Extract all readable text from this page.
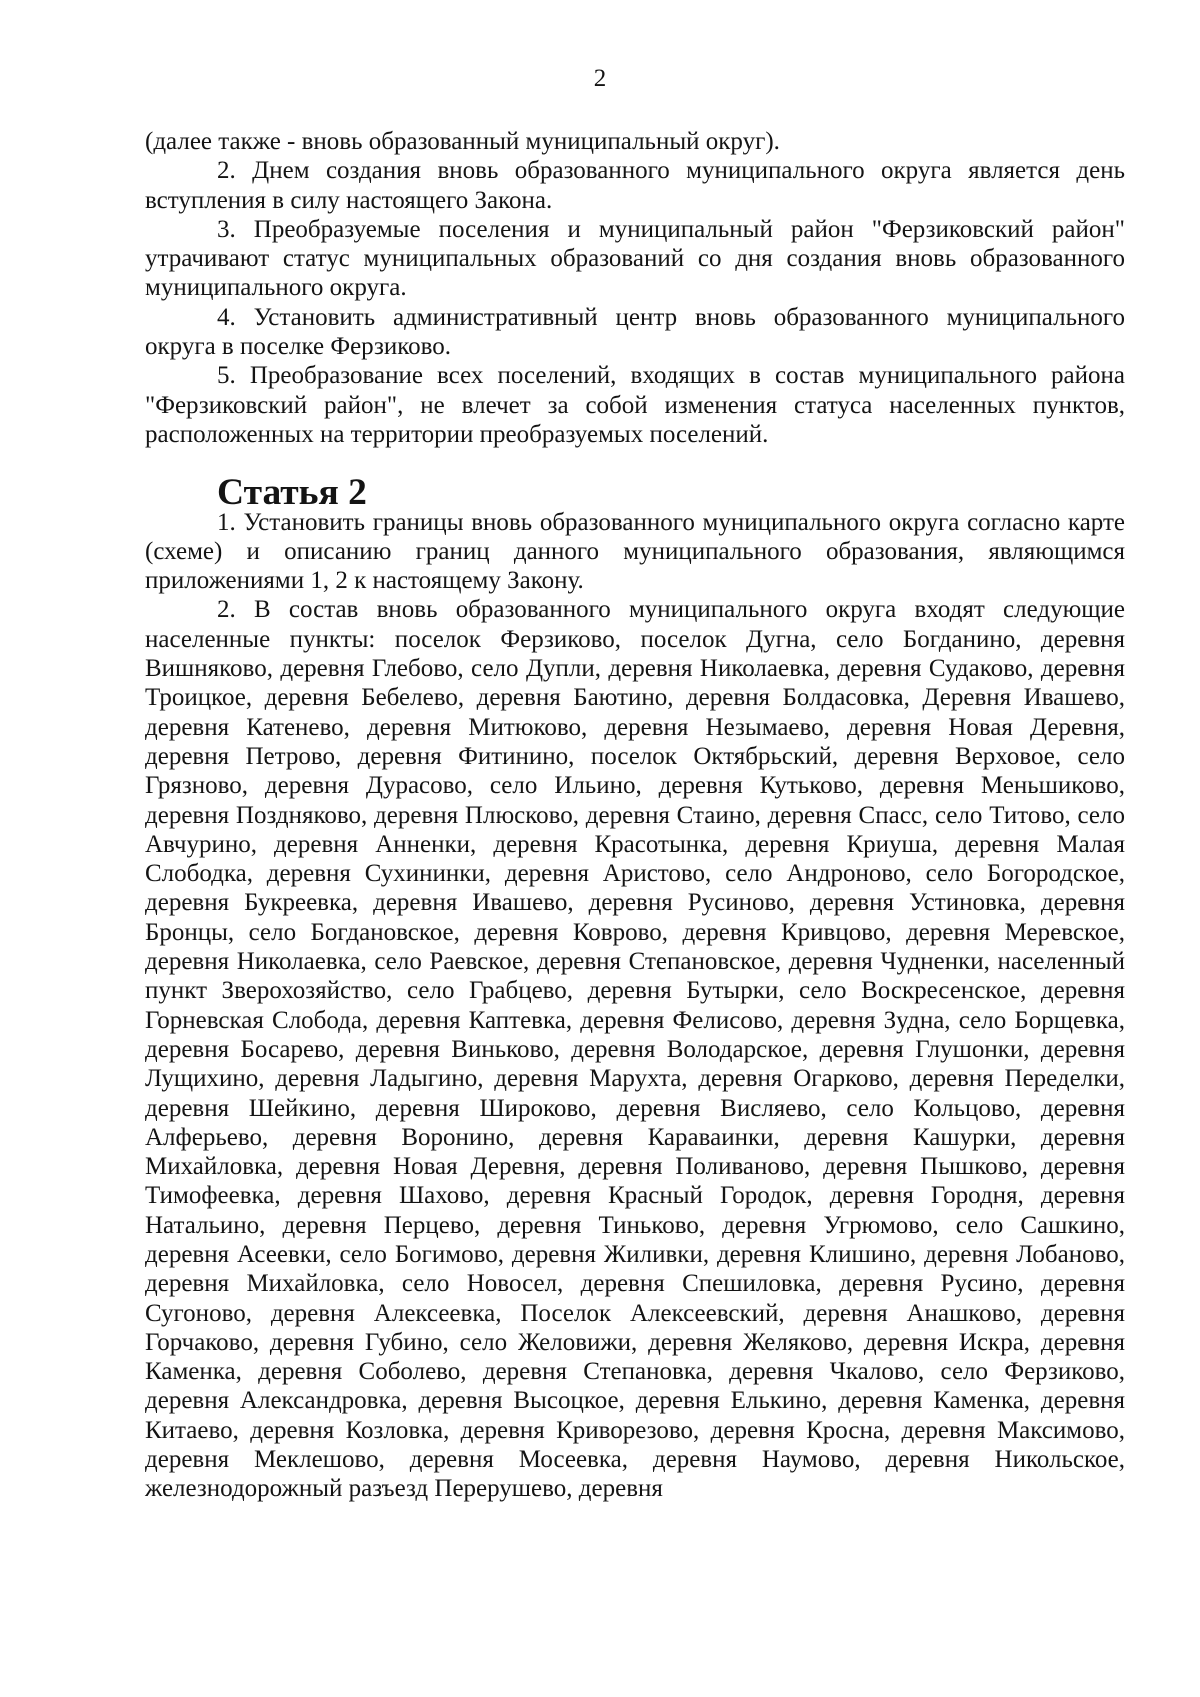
2

(далее также - вновь образованный муниципальный округ).

2. Днем создания вновь образованного муниципального округа является день вступления в силу настоящего Закона.

3. Преобразуемые поселения и муниципальный район "Ферзиковский район" утрачивают статус муниципальных образований со дня создания вновь образованного муниципального округа.

4. Установить административный центр вновь образованного муниципального округа в поселке Ферзиково.

5. Преобразование всех поселений, входящих в состав муниципального района "Ферзиковский район", не влечет за собой изменения статуса населенных пунктов, расположенных на территории преобразуемых поселений.

Статья 2

1. Установить границы вновь образованного муниципального округа согласно карте (схеме) и описанию границ данного муниципального образования, являющимся приложениями 1, 2 к настоящему Закону.

2. В состав вновь образованного муниципального округа входят следующие населенные пункты: поселок Ферзиково, поселок Дугна, село Богданино, деревня Вишняково, деревня Глебово, село Дупли, деревня Николаевка, деревня Судаково, деревня Троицкое, деревня Бебелево, деревня Баютино, деревня Болдасовка, Деревня Ивашево, деревня Катенево, деревня Митюково, деревня Незымаево, деревня Новая Деревня, деревня Петрово, деревня Фитинино, поселок Октябрьский, деревня Верховое, село Грязново, деревня Дурасово, село Ильино, деревня Кутьково, деревня Меньшиково, деревня Поздняково, деревня Плюсково, деревня Стаино, деревня Спасс, село Титово, село Авчурино, деревня Анненки, деревня Красотынка, деревня Криуша, деревня Малая Слободка, деревня Сухининки, деревня Аристово, село Андроново, село Богородское, деревня Букреевка, деревня Ивашево, деревня Русиново, деревня Устиновка, деревня Бронцы, село Богдановское, деревня Коврово, деревня Кривцово, деревня Меревское, деревня Николаевка, село Раевское, деревня Степановское, деревня Чудненки, населенный пункт Зверохозяйство, село Грабцево, деревня Бутырки, село Воскресенское, деревня Горневская Слобода, деревня Каптевка, деревня Фелисово, деревня Зудна, село Борщевка, деревня Босарево, деревня Виньково, деревня Володарское, деревня Глушонки, деревня Лущихино, деревня Ладыгино, деревня Марухта, деревня Огарково, деревня Переделки, деревня Шейкино, деревня Широково, деревня Висляево, село Кольцово, деревня Алферьево, деревня Воронино, деревня Караваинки, деревня Кашурки, деревня Михайловка, деревня Новая Деревня, деревня Поливаново, деревня Пышково, деревня Тимофеевка, деревня Шахово, деревня Красный Городок, деревня Городня, деревня Натальино, деревня Перцево, деревня Тиньково, деревня Угрюмово, село Сашкино, деревня Асеевки, село Богимово, деревня Жиливки, деревня Клишино, деревня Лобаново, деревня Михайловка, село Новосел, деревня Спешиловка, деревня Русино, деревня Сугоново, деревня Алексеевка, Поселок Алексеевский, деревня Анашково, деревня Горчаково, деревня Губино, село Желовижи, деревня Желяково, деревня Искра, деревня Каменка, деревня Соболево, деревня Степановка, деревня Чкалово, село Ферзиково, деревня Александровка, деревня Высоцкое, деревня Елькино, деревня Каменка, деревня Китаево, деревня Козловка, деревня Криворезово, деревня Кросна, деревня Максимово, деревня Меклешово, деревня Мосеевка, деревня Наумово, деревня Никольское, железнодорожный разъезд Перерушево, деревня
